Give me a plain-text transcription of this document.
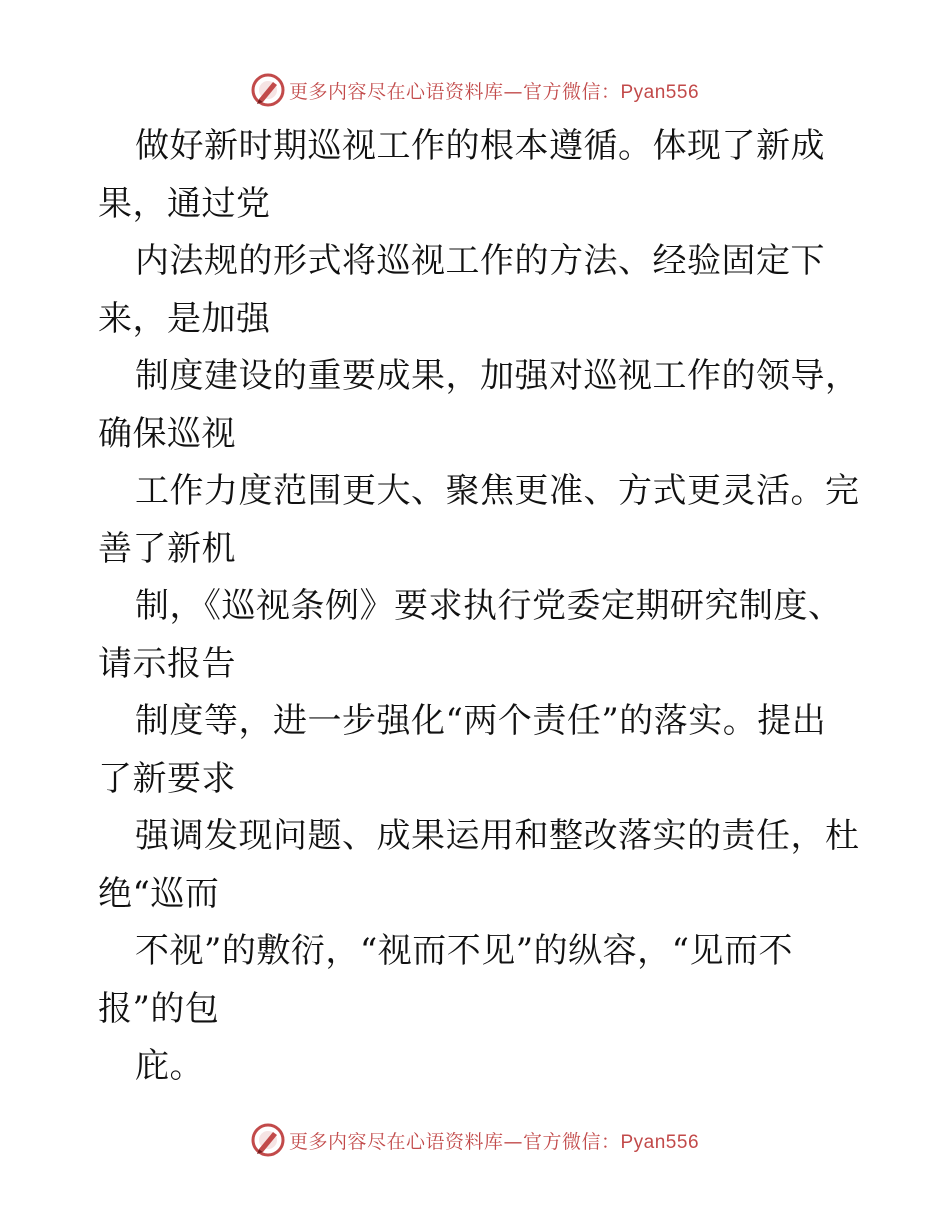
更多内容尽在心语资料库—官方微信：Pyan556
做好新时期巡视工作的根本遵循。体现了新成
果，通过党
内法规的形式将巡视工作的方法、经验固定下
来，是加强
制度建设的重要成果，加强对巡视工作的领导，
确保巡视
工作力度范围更大、聚焦更准、方式更灵活。完
善了新机
制，《巡视条例》要求执行党委定期研究制度、
请示报告
制度等，进一步强化“两个责任”的落实。提出
了新要求
强调发现问题、成果运用和整改落实的责任，杜
绝“巡而
不视”的敷衍，“视而不见”的纵容，“见而不
报”的包
庇。
更多内容尽在心语资料库—官方微信：Pyan556
